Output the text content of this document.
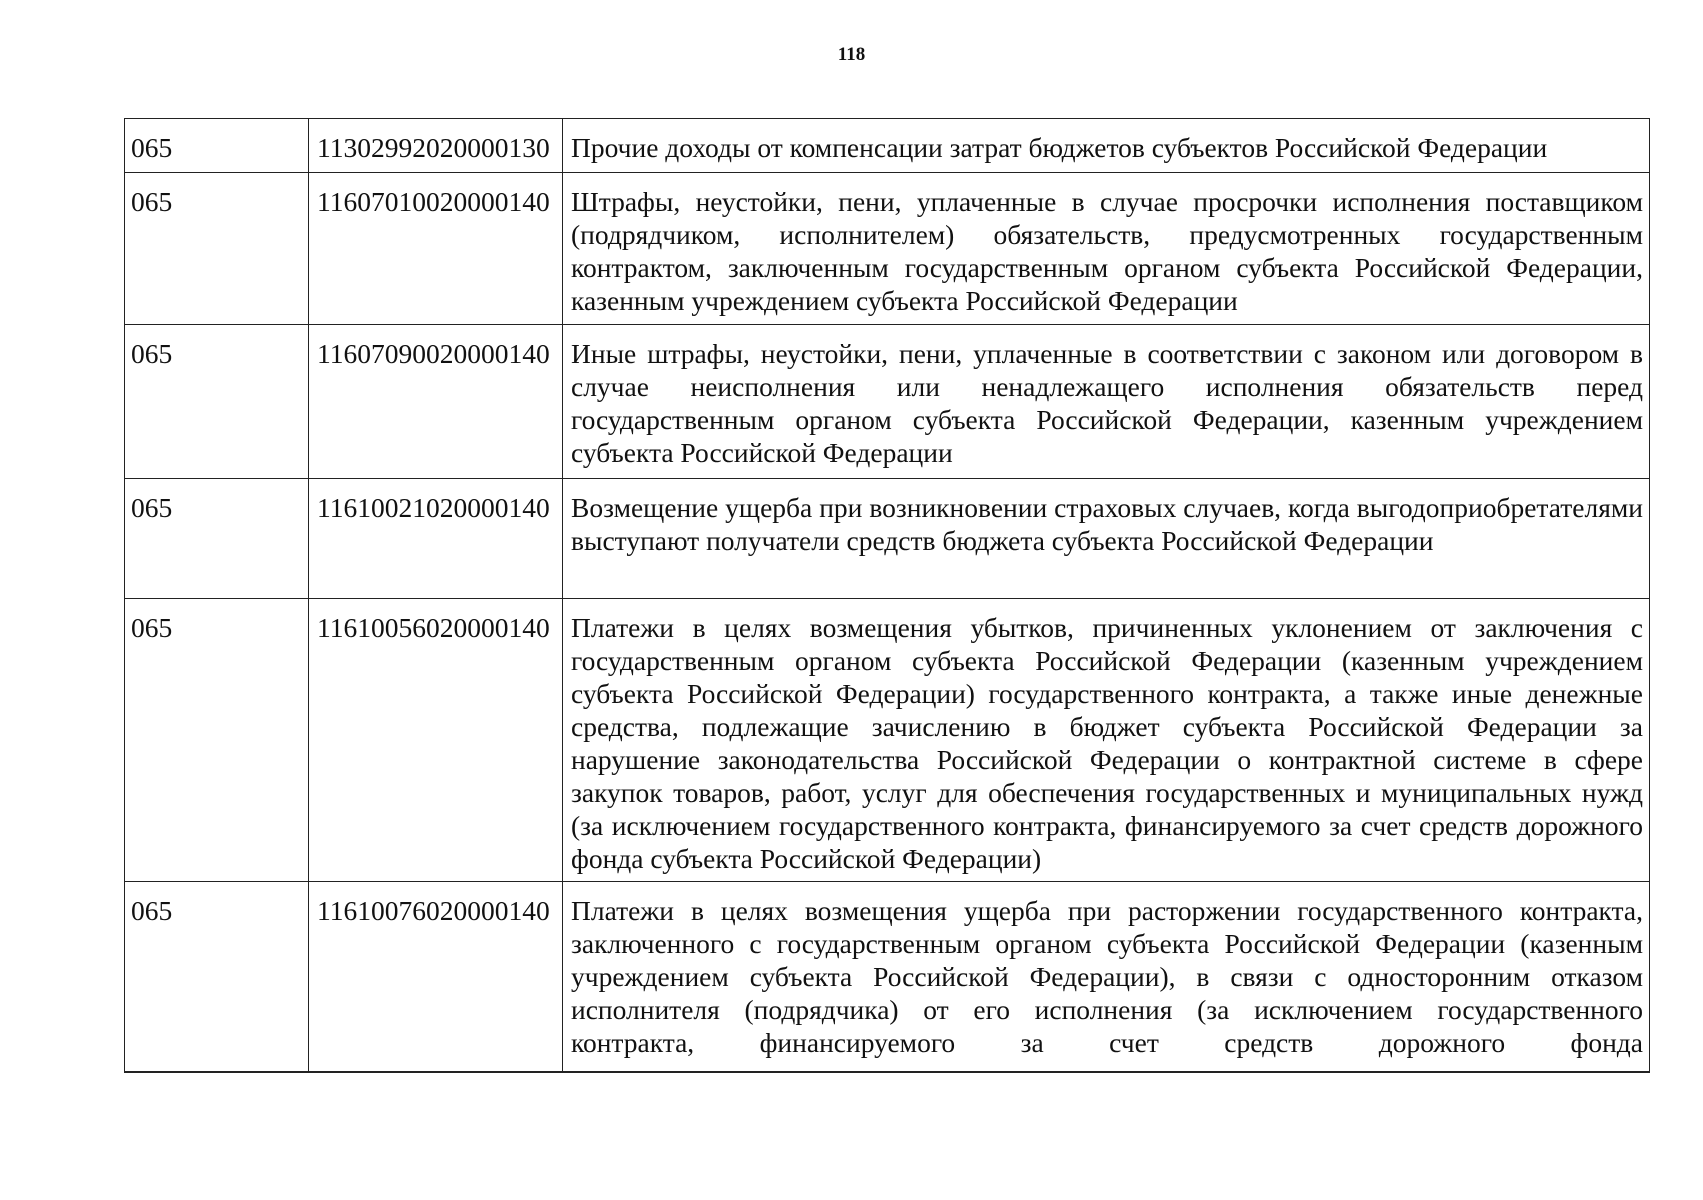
118
065	11302992020000130	Прочие доходы от компенсации затрат бюджетов субъектов Российской Федерации
065	11607010020000140	Штрафы, неустойки, пени, уплаченные в случае просрочки исполнения поставщиком (подрядчиком, исполнителем) обязательств, предусмотренных государственным контрактом, заключенным государственным органом субъекта Российской Федерации, казенным учреждением субъекта Российской Федерации
065	11607090020000140	Иные штрафы, неустойки, пени, уплаченные в соответствии с законом или договором в случае неисполнения или ненадлежащего исполнения обязательств перед государственным органом субъекта Российской Федерации, казенным учреждением субъекта Российской Федерации
065	11610021020000140	Возмещение ущерба при возникновении страховых случаев, когда выгодоприобретателями выступают получатели средств бюджета субъекта Российской Федерации
065	11610056020000140	Платежи в целях возмещения убытков, причиненных уклонением от заключения с государственным органом субъекта Российской Федерации (казенным учреждением субъекта Российской Федерации) государственного контракта, а также иные денежные средства, подлежащие зачислению в бюджет субъекта Российской Федерации за нарушение законодательства Российской Федерации о контрактной системе в сфере закупок товаров, работ, услуг для обеспечения государственных и муниципальных нужд (за исключением государственного контракта, финансируемого за счет средств дорожного фонда субъекта Российской Федерации)
065	11610076020000140	Платежи в целях возмещения ущерба при расторжении государственного контракта, заключенного с государственным органом субъекта Российской Федерации (казенным учреждением субъекта Российской Федерации), в связи с односторонним отказом исполнителя (подрядчика) от его исполнения (за исключением государственного контракта, финансируемого за счет средств дорожного фонда
